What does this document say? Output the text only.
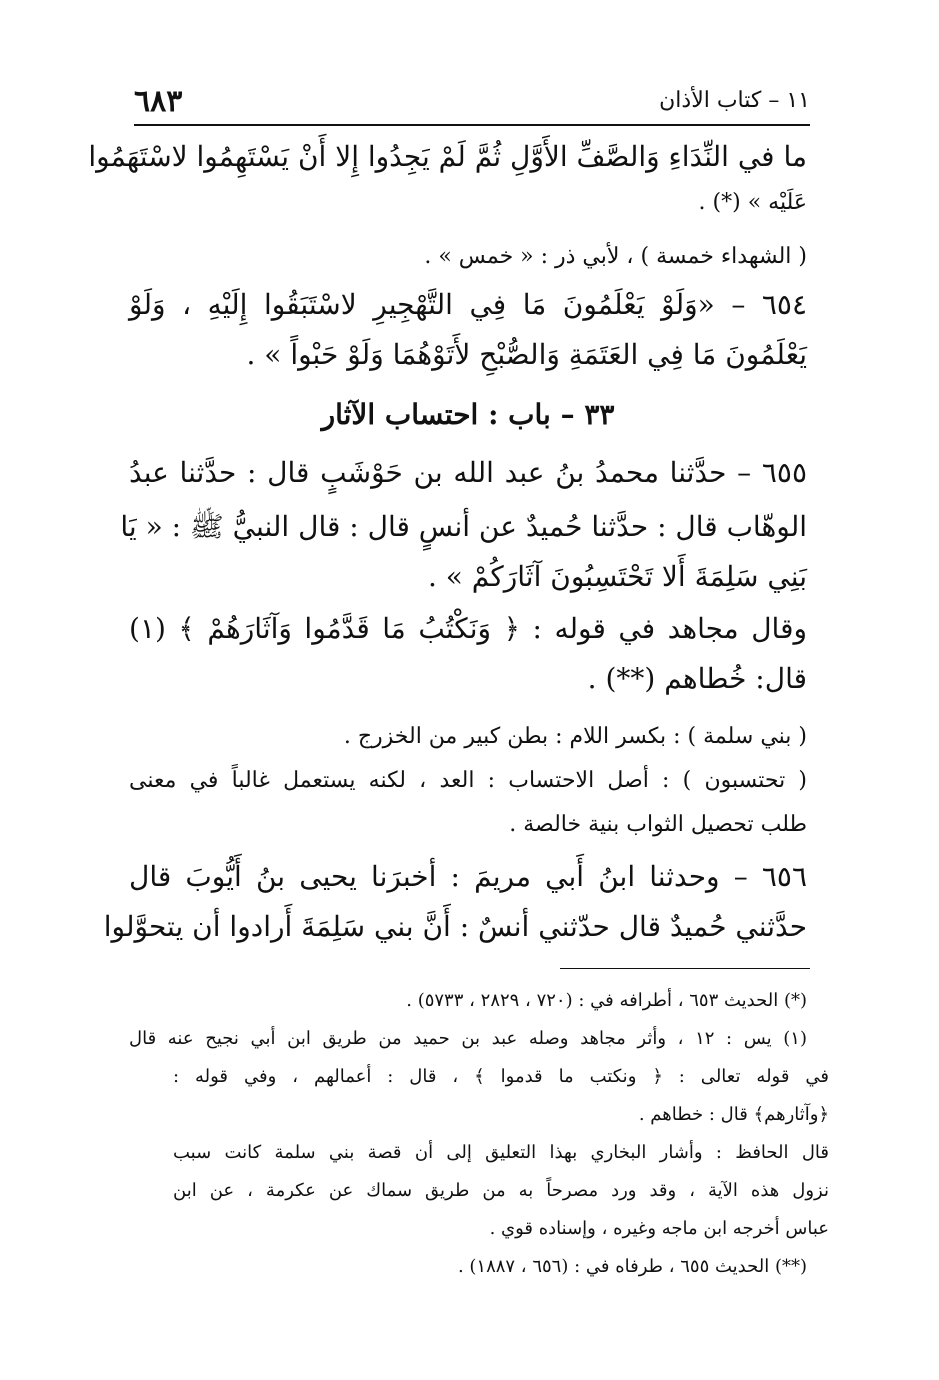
١١ – كتاب الأذان
٦٨٣
ما في النِّدَاءِ وَالصَّفِّ الأَوَّلِ ثُمَّ لَمْ يَجِدُوا إِلا أَنْ يَسْتَهِمُوا لاسْتَهَمُوا
عَلَيْه » (*) .
( الشهداء خمسة ) ، لأبي ذر : « خمس » .
٦٥٤ – «وَلَوْ يَعْلَمُونَ مَا فِي التَّهْجِيرِ لاسْتَبَقُوا إِلَيْهِ ، وَلَوْ
يَعْلَمُونَ مَا فِي العَتَمَةِ وَالصُّبْحِ لأَتَوْهُمَا وَلَوْ حَبْواً » .
٣٣ – باب : احتساب الآثار
٦٥٥ – حدَّثنا محمدُ بنُ عبد الله بن حَوْشَبٍ قال : حدَّثنا عبدُ
الوهّاب قال : حدَّثنا حُميدٌ عن أنسٍ قال : قال النبيُّ ﷺ : « يَا
بَنِي سَلِمَةَ أَلا تَحْتَسِبُونَ آثَارَكُمْ » .
وقال مجاهد في قوله : ﴿ وَنَكْتُبُ مَا قَدَّمُوا وَآثَارَهُمْ ﴾ (١)
قال: خُطاهم (**) .
( بني سلمة ) : بكسر اللام : بطن كبير من الخزرج .
( تحتسبون ) : أصل الاحتساب : العد ، لكنه يستعمل غالباً في معنى
طلب تحصيل الثواب بنية خالصة .
٦٥٦ – وحدثنا ابنُ أَبي مريمَ : أخبرَنا يحيى بنُ أَيُّوبَ قال
حدَّثني حُميدٌ قال حدّثني أنسٌ : أَنَّ بني سَلِمَةَ أَرادوا أن يتحوَّلوا
(*) الحديث ٦٥٣ ، أطرافه في : (٧٢٠ ، ٢٨٢٩ ، ٥٧٣٣) .
(١) يس : ١٢ ، وأثر مجاهد وصله عبد بن حميد من طريق ابن أبي نجيح عنه قال
في قوله تعالى : ﴿ ونكتب ما قدموا ﴾ ، قال : أعمالهم ، وفي قوله :
﴿وآثارهم﴾ قال : خطاهم .
قال الحافظ : وأشار البخاري بهذا التعليق إلى أن قصة بني سلمة كانت سبب
نزول هذه الآية ، وقد ورد مصرحاً به من طريق سماك عن عكرمة ، عن ابن
عباس أخرجه ابن ماجه وغيره ، وإسناده قوي .
(**) الحديث ٦٥٥ ، طرفاه في : (٦٥٦ ، ١٨٨٧) .
